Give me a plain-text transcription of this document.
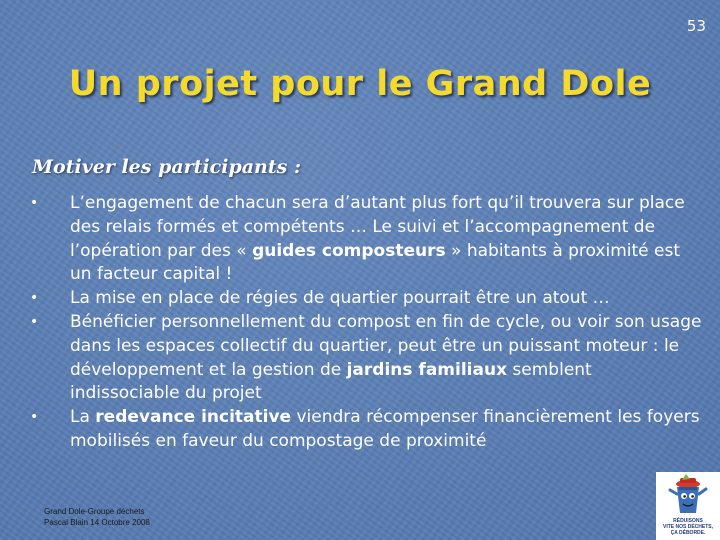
53
Un projet pour le Grand Dole
Motiver les participants :
• L’engagement de chacun sera d’autant plus fort qu’il trouvera sur place des relais formés et compétents … Le suivi et l’accompagnement de l’opération par des « guides composteurs » habitants à proximité est un facteur capital !
• La mise en place de régies de quartier pourrait être un atout …
• Bénéficier personnellement du compost en fin de cycle, ou voir son usage dans les espaces collectif du quartier, peut être un puissant moteur : le développement et la gestion de jardins familiaux semblent indissociable du projet
• La redevance incitative viendra récompenser financièrement les foyers mobilisés en faveur du compostage de proximité
Grand Dole-Groupe déchets
Pascal Blain 14 Octobre 2008	RÉDUISONS
VITE NOS DÉCHETS,
ÇA DÉBORDE.
